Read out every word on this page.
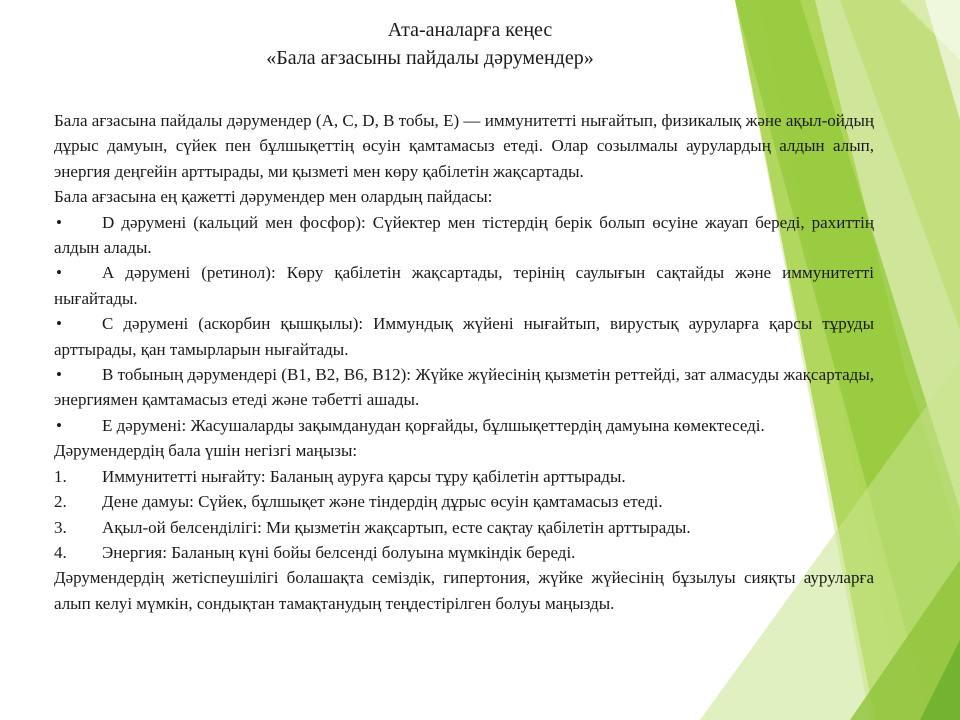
Ата-аналарға кеңес
«Бала ағзасыны пайдалы дәрумендер»

Бала ағзасына пайдалы дәрумендер (A, C, D, B тобы, E) — иммунитетті нығайтып, физикалық және ақыл-ойдың дұрыс дамуын, сүйек пен бұлшықеттің өсуін қамтамасыз етеді. Олар созылмалы аурулардың алдын алып, энергия деңгейін арттырады, ми қызметі мен көру қабілетін жақсартады.

Бала ағзасына ең қажетті дәрумендер мен олардың пайдасы:

• D дәрумені (кальций мен фосфор): Сүйектер мен тістердің берік болып өсуіне жауап береді, рахиттің алдын алады.
• А дәрумені (ретинол): Көру қабілетін жақсартады, терінің саулығын сақтайды және иммунитетті нығайтады.
• С дәрумені (аскорбин қышқылы): Иммундық жүйені нығайтып, вирустық ауруларға қарсы тұруды арттырады, қан тамырларын нығайтады.
• В тобының дәрумендері (B1, B2, B6, B12): Жүйке жүйесінің қызметін реттейді, зат алмасуды жақсартады, энергиямен қамтамасыз етеді және тәбетті ашады.
• Е дәрумені: Жасушаларды зақымданудан қорғайды, бұлшықеттердің дамуына көмектеседі.

Дәрумендердің бала үшін негізгі маңызы:

1. Иммунитетті нығайту: Баланың ауруға қарсы тұру қабілетін арттырады.
2. Дене дамуы: Сүйек, бұлшықет және тіндердің дұрыс өсуін қамтамасыз етеді.
3. Ақыл-ой белсенділігі: Ми қызметін жақсартып, есте сақтау қабілетін арттырады.
4. Энергия: Баланың күні бойы белсенді болуына мүмкіндік береді.

Дәрумендердің жетіспеушілігі болашақта семіздік, гипертония, жүйке жүйесінің бұзылуы сияқты ауруларға алып келуі мүмкін, сондықтан тамақтанудың теңдестірілген болуы маңызды.
